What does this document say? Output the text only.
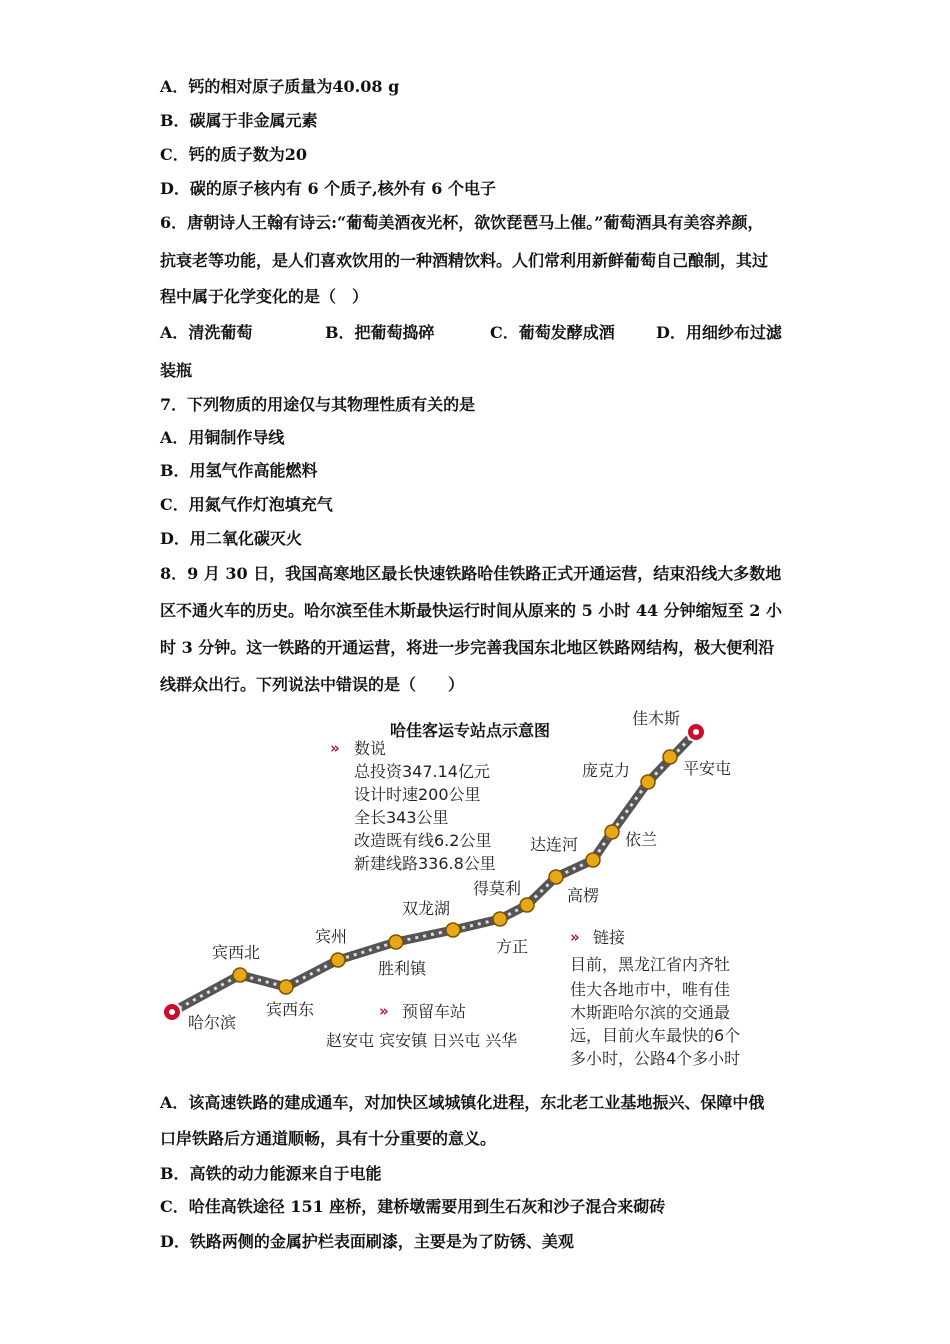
A．钙的相对原子质量为40.08 g
B．碳属于非金属元素
C．钙的质子数为20
D．碳的原子核内有 6 个质子,核外有 6 个电子
6．唐朝诗人王翰有诗云:“葡萄美酒夜光杯，欲饮琵琶马上催。”葡萄酒具有美容养颜，
抗衰老等功能，是人们喜欢饮用的一种酒精饮料。人们常利用新鲜葡萄自己酿制，其过
程中属于化学变化的是（　）
A．清洗葡萄	B．把葡萄捣碎	C．葡萄发酵成酒	D．用细纱布过滤
装瓶
7．下列物质的用途仅与其物理性质有关的是
A．用铜制作导线
B．用氢气作高能燃料
C．用氮气作灯泡填充气
D．用二氧化碳灭火
8．9 月 30 日，我国高寒地区最长快速铁路哈佳铁路正式开通运营，结束沿线大多数地
区不通火车的历史。哈尔滨至佳木斯最快运行时间从原来的 5 小时 44 分钟缩短至 2 小
时 3 分钟。这一铁路的开通运营，将进一步完善我国东北地区铁路网结构，极大便利沿
线群众出行。下列说法中错误的是（　　）
哈佳客运专站点示意图
» 数说
总投资347.14亿元
设计时速200公里
全长343公里
改造既有线6.2公里
新建线路336.8公里
哈尔滨
宾西北
宾西东
宾州
胜利镇
双龙湖
方正
得莫利	高楞
达连河	依兰
庞克力	平安屯
佳木斯
» 预留车站
赵安屯 宾安镇 日兴屯 兴华
» 链接
目前，黑龙江省内齐牡
佳大各地市中，唯有佳
木斯距哈尔滨的交通最
远，目前火车最快的6个
多小时，公路4个多小时
A．该高速铁路的建成通车，对加快区域城镇化进程，东北老工业基地振兴、保障中俄
口岸铁路后方通道顺畅，具有十分重要的意义。
B．高铁的动力能源来自于电能
C．哈佳高铁途径 151 座桥，建桥墩需要用到生石灰和沙子混合来砌砖
D．铁路两侧的金属护栏表面刷漆，主要是为了防锈、美观
